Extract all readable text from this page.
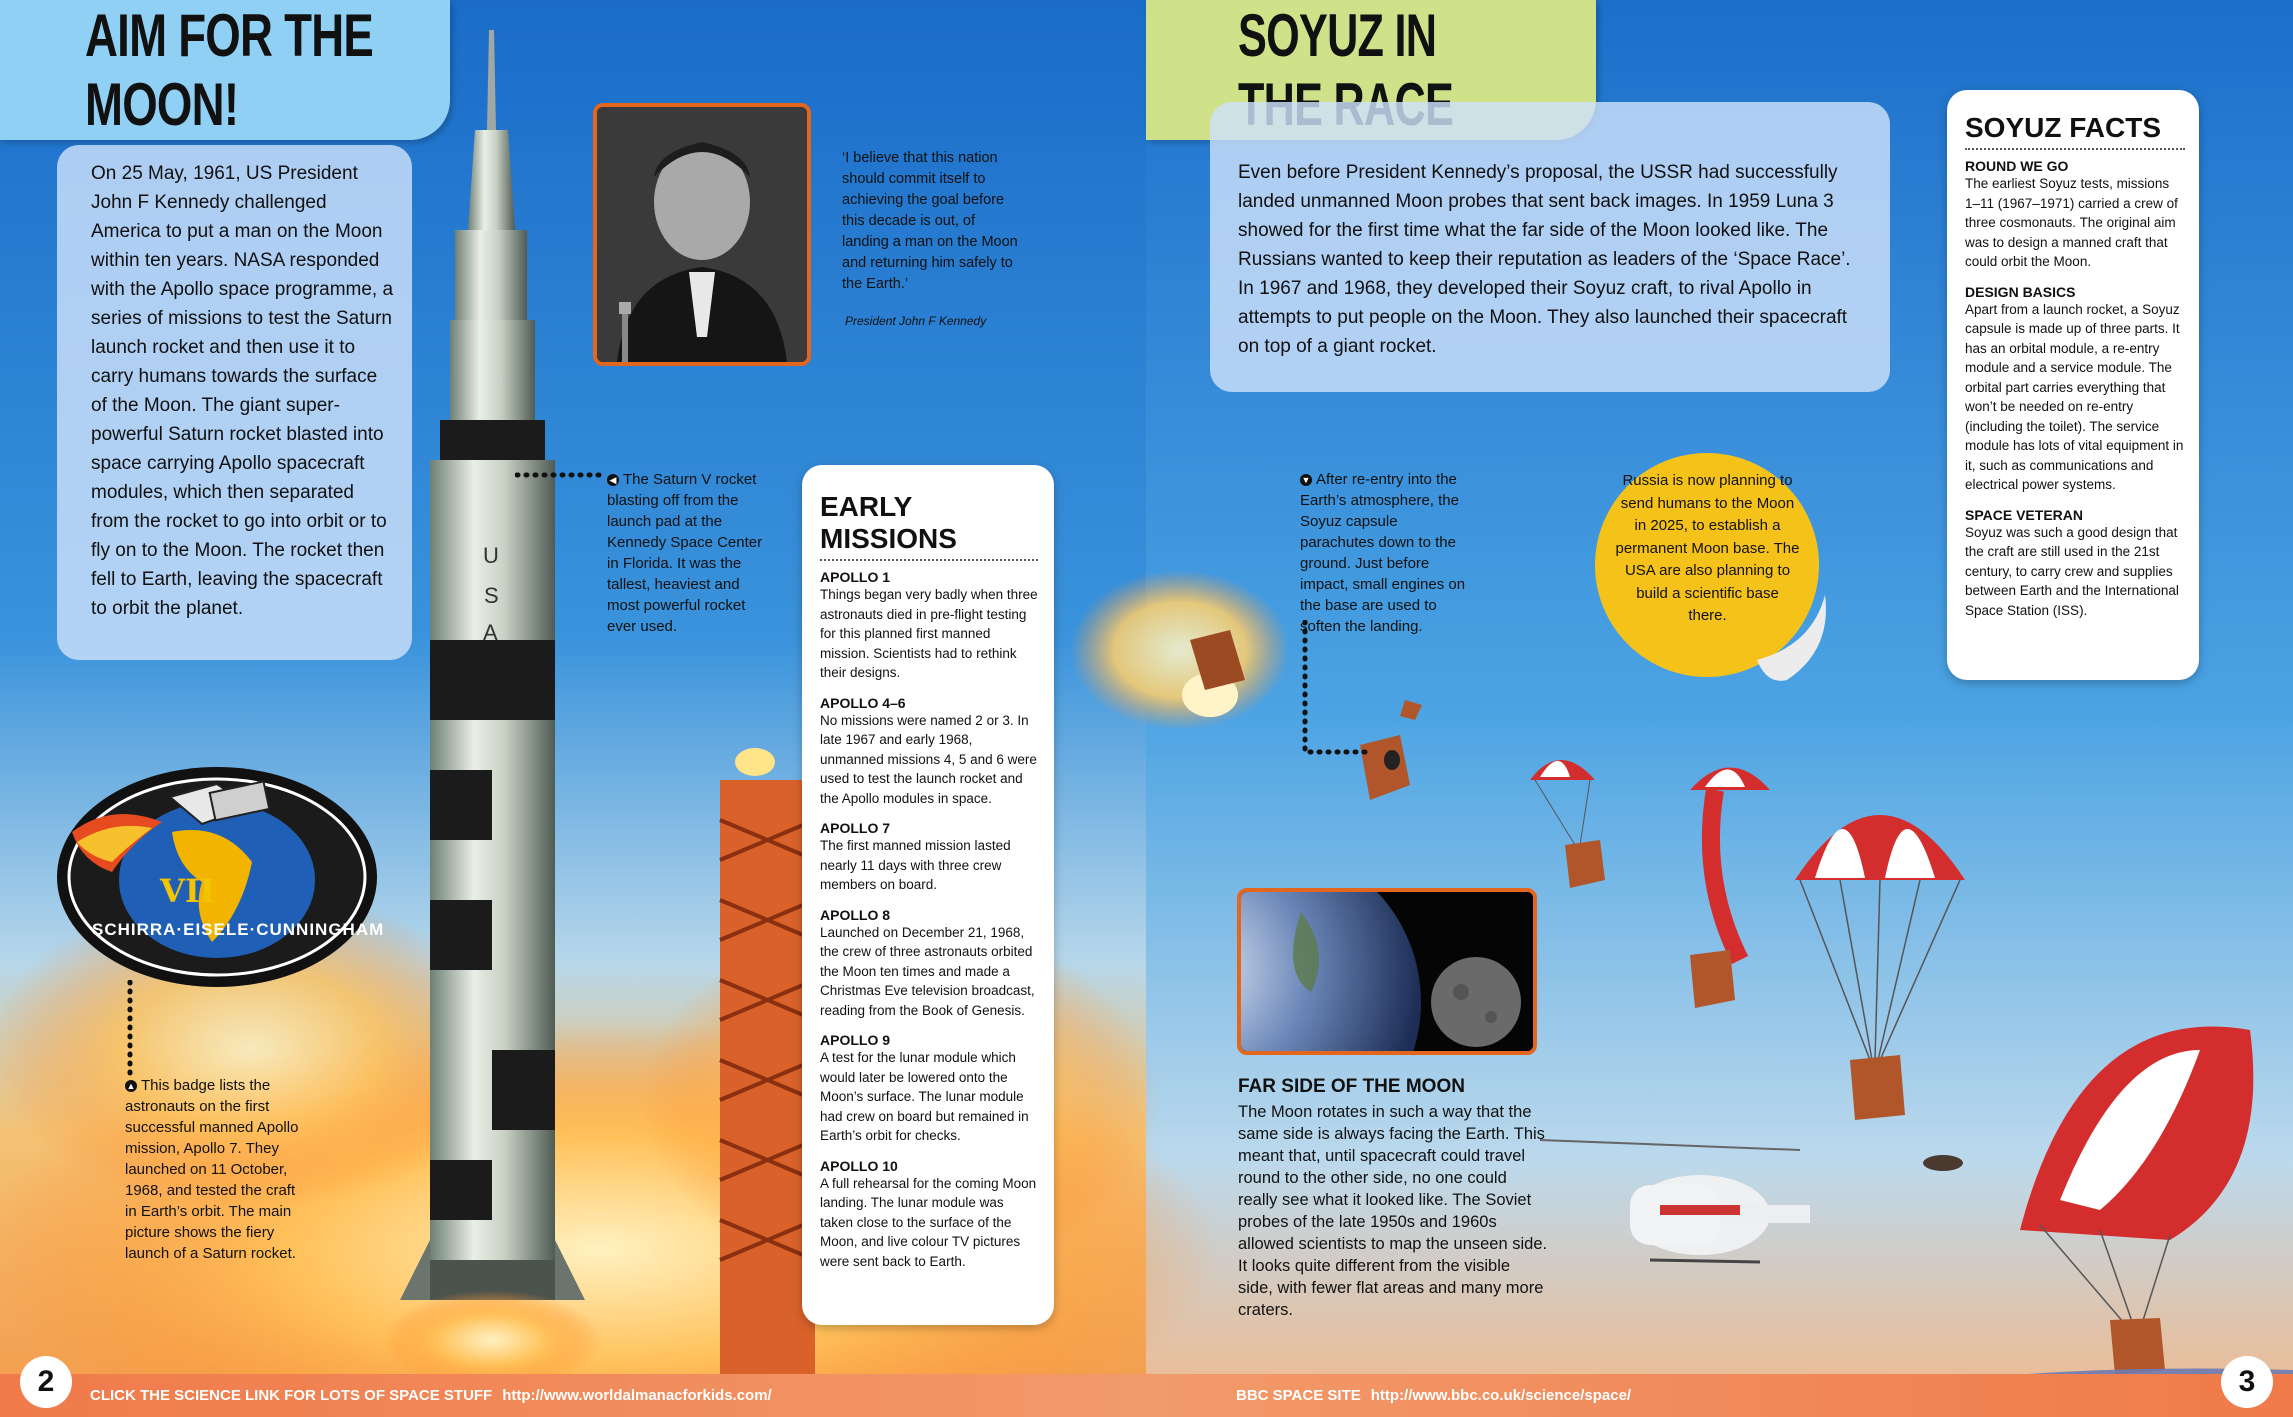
AIM FOR THE MOON!
On 25 May, 1961, US President John F Kennedy challenged America to put a man on the Moon within ten years. NASA responded with the Apollo space programme, a series of missions to test the Saturn launch rocket and then use it to carry humans towards the surface of the Moon. The giant super-powerful Saturn rocket blasted into space carrying Apollo spacecraft modules, which then separated from the rocket to go into orbit or to fly on to the Moon. The rocket then fell to Earth, leaving the spacecraft to orbit the planet.
‘I believe that this nation should commit itself to achieving the goal before this decade is out, of landing a man on the Moon and returning him safely to the Earth.’
President John F Kennedy
U
S
A
◀ The Saturn V rocket blasting off from the launch pad at the Kennedy Space Center in Florida. It was the tallest, heaviest and most powerful rocket ever used.
VII
SCHIRRA·EISELE·CUNNINGHAM
▲ This badge lists the astronauts on the first successful manned Apollo mission, Apollo 7. They launched on 11 October, 1968, and tested the craft in Earth’s orbit. The main picture shows the fiery launch of a Saturn rocket.
EARLY MISSIONS
APOLLO 1

Things began very badly when three astronauts died in pre-flight testing for this planned first manned mission. Scientists had to rethink their designs.

APOLLO 4–6

No missions were named 2 or 3. In late 1967 and early 1968, unmanned missions 4, 5 and 6 were used to test the launch rocket and the Apollo modules in space.

APOLLO 7

The first manned mission lasted nearly 11 days with three crew members on board.

APOLLO 8

Launched on December 21, 1968, the crew of three astronauts orbited the Moon ten times and made a Christmas Eve television broadcast, reading from the Book of Genesis.

APOLLO 9

A test for the lunar module which would later be lowered onto the Moon’s surface. The lunar module had crew on board but remained in Earth’s orbit for checks.

APOLLO 10

A full rehearsal for the coming Moon landing. The lunar module was taken close to the surface of the Moon, and live colour TV pictures were sent back to Earth.

SOYUZ IN
Even before President Kennedy’s proposal, the USSR had successfully landed unmanned Moon probes that sent back images. In 1959 Luna 3 showed for the first time what the far side of the Moon looked like. The Russians wanted to keep their reputation as leaders of the ‘Space Race’. In 1967 and 1968, they developed their Soyuz craft, to rival Apollo in attempts to put people on the Moon. They also launched their spacecraft on top of a giant rocket.
SOYUZ FACTS
ROUND WE GO

The earliest Soyuz tests, missions 1–11 (1967–1971) carried a crew of three cosmonauts. The original aim was to design a manned craft that could orbit the Moon.

DESIGN BASICS

Apart from a launch rocket, a Soyuz capsule is made up of three parts. It has an orbital module, a re-entry module and a service module. The orbital part carries everything that won’t be needed on re-entry (including the toilet). The service module has lots of vital equipment in it, such as communications and electrical power systems.

SPACE VETERAN

Soyuz was such a good design that the craft are still used in the 21st century, to carry crew and supplies between Earth and the International Space Station (ISS).

▼ After re-entry into the Earth’s atmosphere, the Soyuz capsule parachutes down to the ground. Just before impact, small engines on the base are used to soften the landing.
Russia is now planning to send humans to the Moon in 2025, to establish a permanent Moon base. The USA are also planning to build a scientific base there.
FAR SIDE OF THE MOON
The Moon rotates in such a way that the same side is always facing the Earth. This meant that, until spacecraft could travel round to the other side, no one could really see what it looked like. The Soviet probes of the late 1950s and 1960s allowed scientists to map the unseen side. It looks quite different from the visible side, with fewer flat areas and many more craters.
CLICK THE SCIENCE LINK FOR LOTS OF SPACE STUFF http://www.worldalmanacforkids.com/	BBC SPACE SITE http://www.bbc.co.uk/science/space/
2	3
